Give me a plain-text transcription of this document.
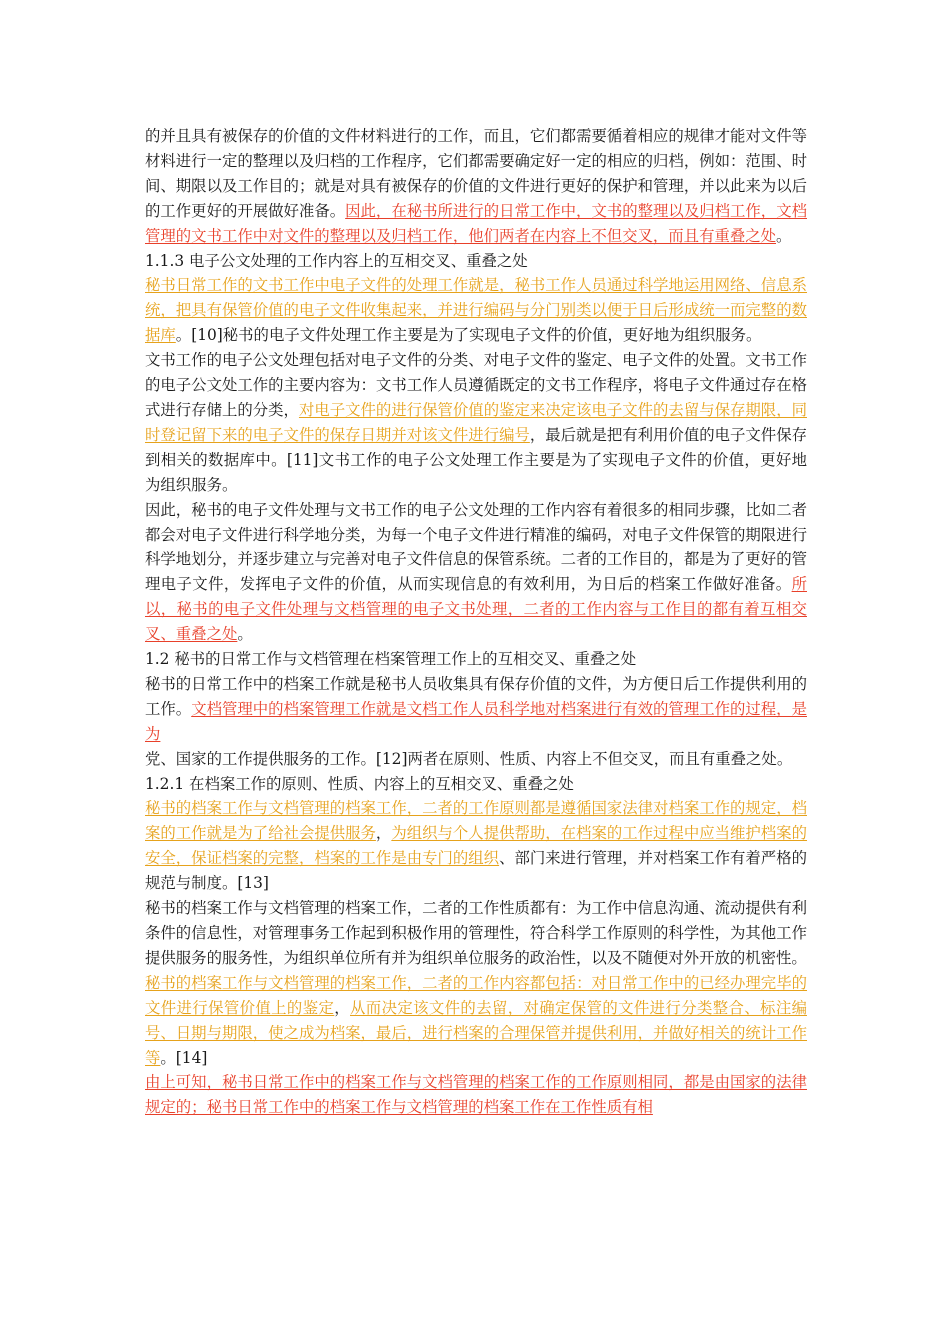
的并且具有被保存的价值的文件材料进行的工作，而且，它们都需要循着相应的规律才能对文件等材料进行一定的整理以及归档的工作程序，它们都需要确定好一定的相应的归档，例如：范围、时间、期限以及工作目的；就是对具有被保存的价值的文件进行更好的保护和管理，并以此来为以后的工作更好的开展做好准备。因此，在秘书所进行的日常工作中，文书的整理以及归档工作，文档管理的文书工作中对文件的整理以及归档工作，他们两者在内容上不但交叉，而且有重叠之处。

1.1.3 电子公文处理的工作内容上的互相交叉、重叠之处

秘书日常工作的文书工作中电子文件的处理工作就是，秘书工作人员通过科学地运用网络、信息系统，把具有保管价值的电子文件收集起来，并进行编码与分门别类以便于日后形成统一而完整的数据库。[10]秘书的电子文件处理工作主要是为了实现电子文件的价值，更好地为组织服务。

文书工作的电子公文处理包括对电子文件的分类、对电子文件的鉴定、电子文件的处置。文书工作的电子公文处工作的主要内容为：文书工作人员遵循既定的文书工作程序，将电子文件通过存在格式进行存储上的分类，对电子文件的进行保管价值的鉴定来决定该电子文件的去留与保存期限，同时登记留下来的电子文件的保存日期并对该文件进行编号，最后就是把有利用价值的电子文件保存到相关的数据库中。[11]文书工作的电子公文处理工作主要是为了实现电子文件的价值，更好地为组织服务。

因此，秘书的电子文件处理与文书工作的电子公文处理的工作内容有着很多的相同步骤，比如二者都会对电子文件进行科学地分类，为每一个电子文件进行精准的编码，对电子文件保管的期限进行科学地划分，并逐步建立与完善对电子文件信息的保管系统。二者的工作目的，都是为了更好的管理电子文件，发挥电子文件的价值，从而实现信息的有效利用，为日后的档案工作做好准备。所以，秘书的电子文件处理与文档管理的电子文书处理，二者的工作内容与工作目的都有着互相交叉、重叠之处。

1.2 秘书的日常工作与文档管理在档案管理工作上的互相交叉、重叠之处

秘书的日常工作中的档案工作就是秘书人员收集具有保存价值的文件，为方便日后工作提供利用的工作。文档管理中的档案管理工作就是文档工作人员科学地对档案进行有效的管理工作的过程，是为

党、国家的工作提供服务的工作。[12]两者在原则、性质、内容上不但交叉，而且有重叠之处。

1.2.1 在档案工作的原则、性质、内容上的互相交叉、重叠之处

秘书的档案工作与文档管理的档案工作，二者的工作原则都是遵循国家法律对档案工作的规定，档案的工作就是为了给社会提供服务，为组织与个人提供帮助，在档案的工作过程中应当维护档案的安全，保证档案的完整，档案的工作是由专门的组织、部门来进行管理，并对档案工作有着严格的规范与制度。[13]

秘书的档案工作与文档管理的档案工作，二者的工作性质都有：为工作中信息沟通、流动提供有利条件的信息性，对管理事务工作起到积极作用的管理性，符合科学工作原则的科学性，为其他工作提供服务的服务性，为组织单位所有并为组织单位服务的政治性，以及不随便对外开放的机密性。

秘书的档案工作与文档管理的档案工作，二者的工作内容都包括：对日常工作中的已经办理完毕的文件进行保管价值上的鉴定，从而决定该文件的去留，对确定保管的文件进行分类整合、标注编号、日期与期限，使之成为档案，最后，进行档案的合理保管并提供利用，并做好相关的统计工作等。[14]

由上可知，秘书日常工作中的档案工作与文档管理的档案工作的工作原则相同，都是由国家的法律规定的；秘书日常工作中的档案工作与文档管理的档案工作在工作性质有相
